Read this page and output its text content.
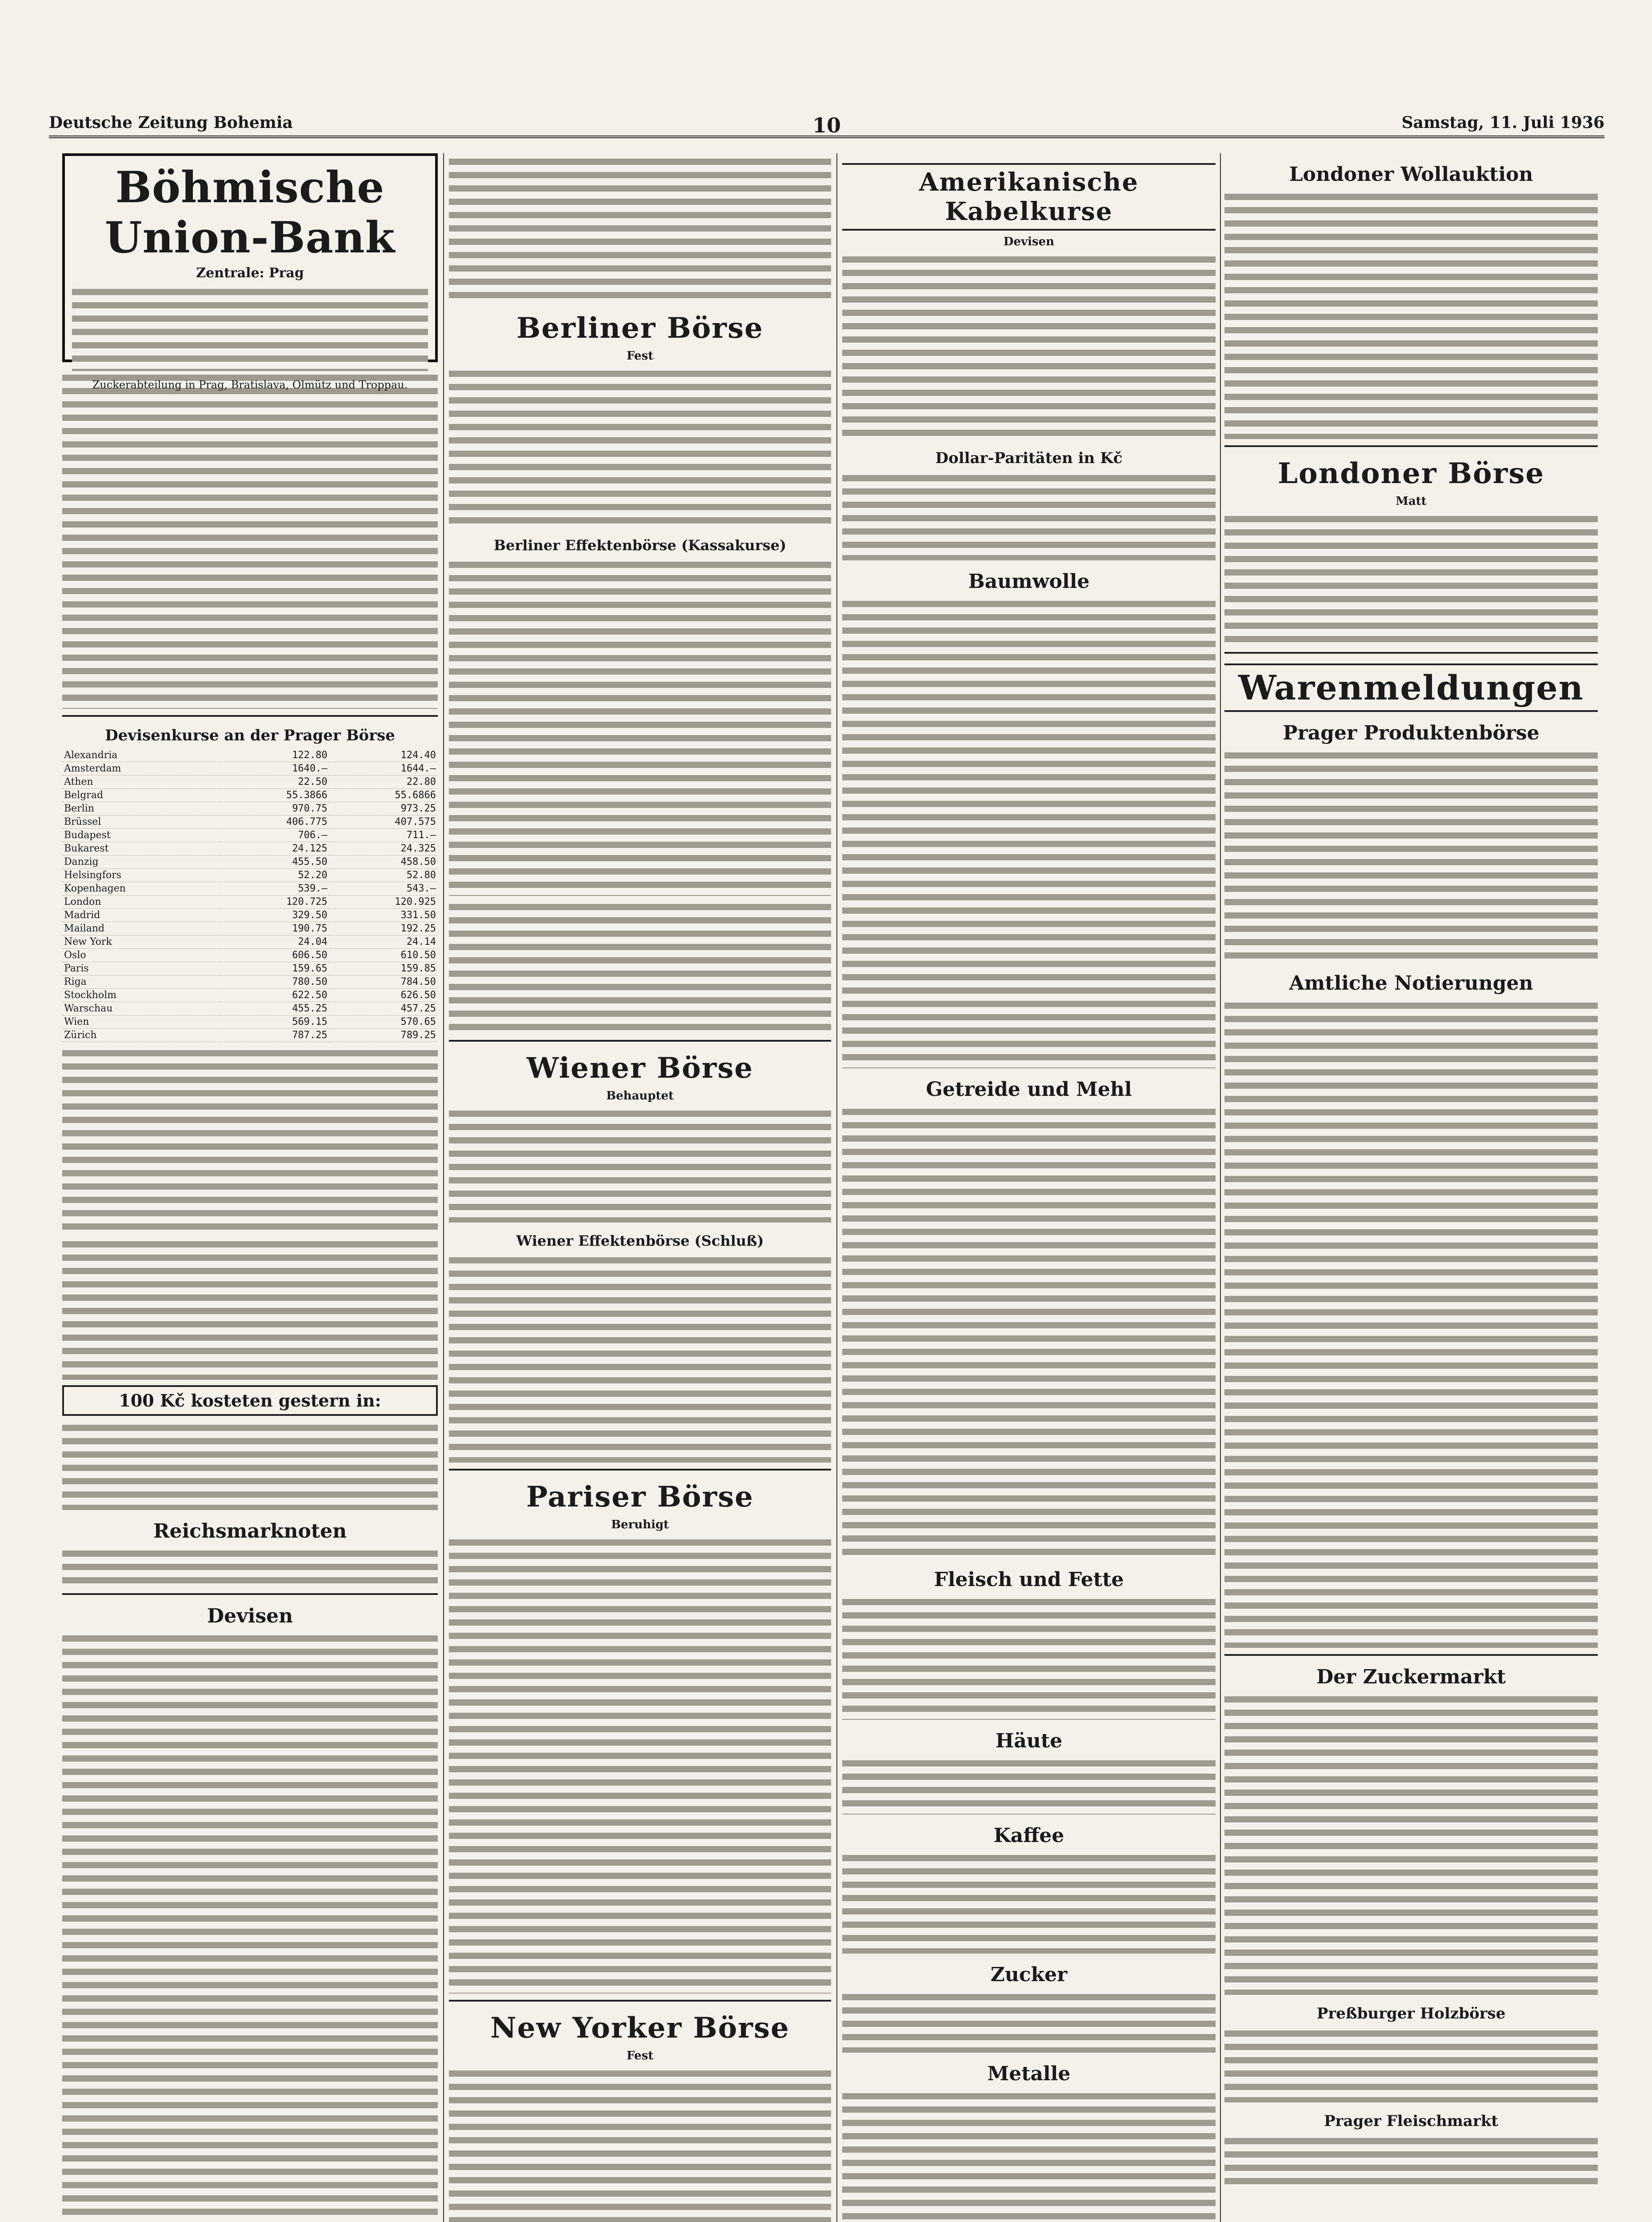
Deutsche Zeitung Bohemia	10	Samstag, 11. Juli 1936
Böhmische Union-Bank
Zentrale: Prag
Zuckerabteilung in Prag, Bratislava, Olmütz und Troppau.
Devisenkurse an der Prager Börse
Alexandria	122.80	124.40
Amsterdam	1640.—	1644.—
Athen	22.50	22.80
Belgrad	55.3866	55.6866
Berlin	970.75	973.25
Brüssel	406.775	407.575
Budapest	706.—	711.—
Bukarest	24.125	24.325
Danzig	455.50	458.50
Helsingfors	52.20	52.80
Kopenhagen	539.—	543.—
London	120.725	120.925
Madrid	329.50	331.50
Mailand	190.75	192.25
New York	24.04	24.14
Oslo	606.50	610.50
Paris	159.65	159.85
Riga	780.50	784.50
Stockholm	622.50	626.50
Warschau	455.25	457.25
Wien	569.15	570.65
Zürich	787.25	789.25
100 Kč kosteten gestern in:
Reichsmarknoten
Devisen
Berliner Börse
Fest
Berliner Effektenbörse (Kassakurse)
Wiener Börse
Behauptet
Wiener Effektenbörse (Schluß)
Pariser Börse
Beruhigt
New Yorker Börse
Fest
Amerikanische Kabelkurse
Devisen
Dollar-Paritäten in Kč
Baumwolle
Getreide und Mehl
Fleisch und Fette
Häute
Kaffee
Zucker
Metalle
Londoner Wollauktion
Londoner Börse
Matt
Warenmeldungen
Prager Produktenbörse
Amtliche Notierungen
Der Zuckermarkt
Preßburger Holzbörse
Prager Fleischmarkt
